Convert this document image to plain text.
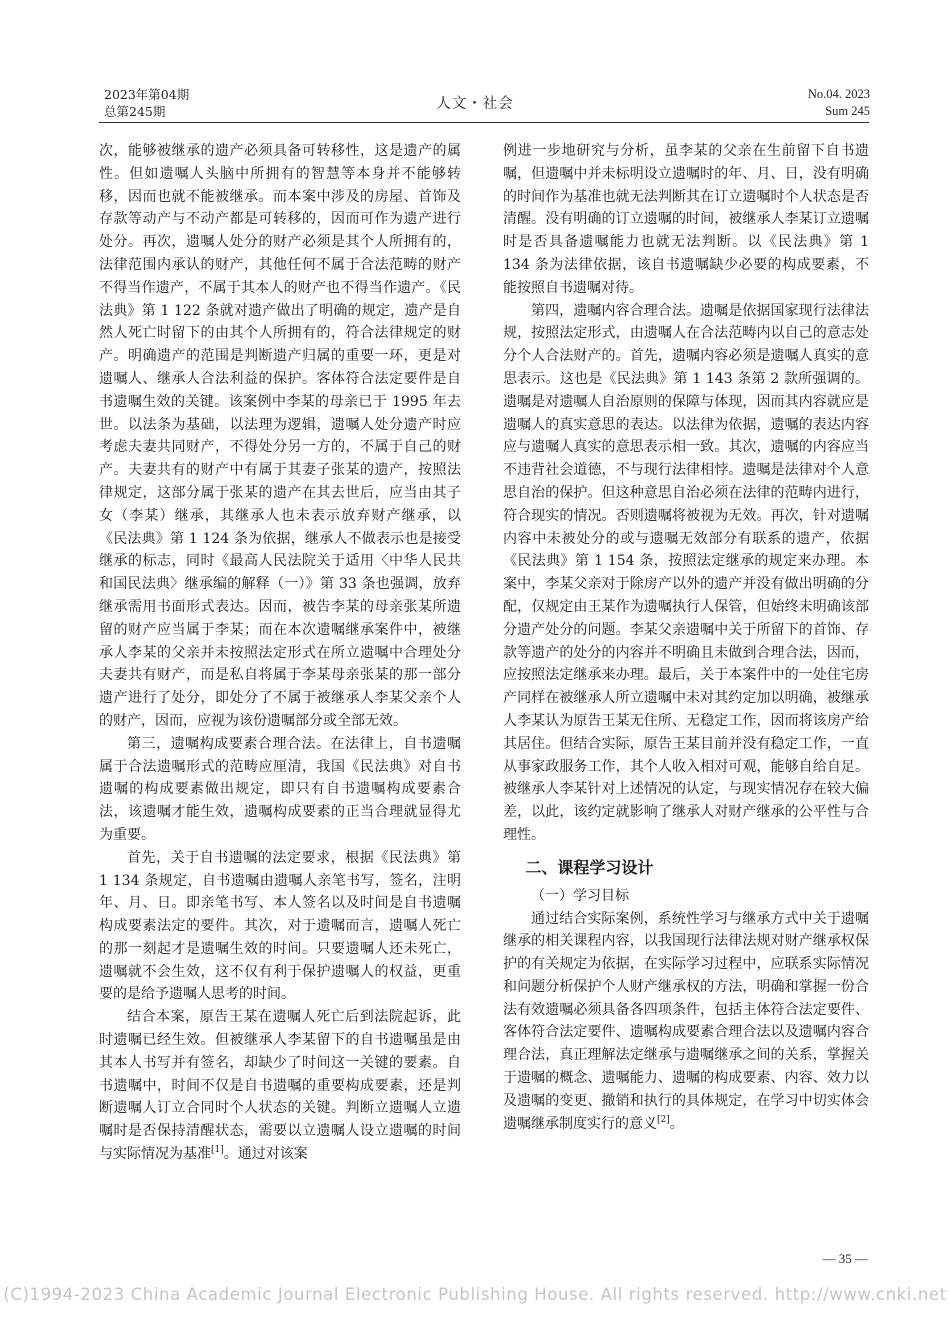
2023年第04期
总第245期	人文・社会
No.04. 2023
Sum 245

次，能够被继承的遗产必须具备可转移性，这是遗产的属性。但如遗嘱人头脑中所拥有的智慧等本身并不能够转移，因而也就不能被继承。而本案中涉及的房屋、首饰及存款等动产与不动产都是可转移的，因而可作为遗产进行处分。再次，遗嘱人处分的财产必须是其个人所拥有的，法律范围内承认的财产，其他任何不属于合法范畴的财产不得当作遗产，不属于其本人的财产也不得当作遗产。《民法典》第 1 122 条就对遗产做出了明确的规定，遗产是自然人死亡时留下的由其个人所拥有的，符合法律规定的财产。明确遗产的范围是判断遗产归属的重要一环，更是对遗嘱人、继承人合法利益的保护。客体符合法定要件是自书遗嘱生效的关键。该案例中李某的母亲已于 1995 年去世。以法条为基础，以法理为逻辑，遗嘱人处分遗产时应考虑夫妻共同财产，不得处分另一方的，不属于自己的财产。夫妻共有的财产中有属于其妻子张某的遗产，按照法律规定，这部分属于张某的遗产在其去世后，应当由其子女（李某）继承，其继承人也未表示放弃财产继承，以《民法典》第 1 124 条为依据，继承人不做表示也是接受继承的标志，同时《最高人民法院关于适用〈中华人民共和国民法典〉继承编的解释（一）》第 33 条也强调，放弃继承需用书面形式表达。因而，被告李某的母亲张某所遗留的财产应当属于李某；而在本次遗嘱继承案件中，被继承人李某的父亲并未按照法定形式在所立遗嘱中合理处分夫妻共有财产，而是私自将属于李某母亲张某的那一部分遗产进行了处分，即处分了不属于被继承人李某父亲个人的财产，因而，应视为该份遗嘱部分或全部无效。

第三，遗嘱构成要素合理合法。在法律上，自书遗嘱属于合法遗嘱形式的范畴应厘清，我国《民法典》对自书遗嘱的构成要素做出规定，即只有自书遗嘱构成要素合法，该遗嘱才能生效，遗嘱构成要素的正当合理就显得尤为重要。

首先，关于自书遗嘱的法定要求，根据《民法典》第 1 134 条规定，自书遗嘱由遗嘱人亲笔书写，签名，注明年、月、日。即亲笔书写、本人签名以及时间是自书遗嘱构成要素法定的要件。其次，对于遗嘱而言，遗嘱人死亡的那一刻起才是遗嘱生效的时间。只要遗嘱人还未死亡，遗嘱就不会生效，这不仅有利于保护遗嘱人的权益，更重要的是给予遗嘱人思考的时间。

结合本案，原告王某在遗嘱人死亡后到法院起诉，此时遗嘱已经生效。但被继承人李某留下的自书遗嘱虽是由其本人书写并有签名，却缺少了时间这一关键的要素。自书遗嘱中，时间不仅是自书遗嘱的重要构成要素，还是判断遗嘱人订立合同时个人状态的关键。判断立遗嘱人立遗嘱时是否保持清醒状态，需要以立遗嘱人设立遗嘱的时间与实际情况为基准[1]。通过对该案

例进一步地研究与分析，虽李某的父亲在生前留下自书遗嘱，但遗嘱中并未标明设立遗嘱时的年、月、日，没有明确的时间作为基准也就无法判断其在订立遗嘱时个人状态是否清醒。没有明确的订立遗嘱的时间，被继承人李某订立遗嘱时是否具备遗嘱能力也就无法判断。以《民法典》第 1 134 条为法律依据，该自书遗嘱缺少必要的构成要素，不能按照自书遗嘱对待。

第四，遗嘱内容合理合法。遗嘱是依据国家现行法律法规，按照法定形式，由遗嘱人在合法范畴内以自己的意志处分个人合法财产的。首先，遗嘱内容必须是遗嘱人真实的意思表示。这也是《民法典》第 1 143 条第 2 款所强调的。遗嘱是对遗嘱人自治原则的保障与体现，因而其内容就应是遗嘱人的真实意思的表达。以法律为依据，遗嘱的表达内容应与遗嘱人真实的意思表示相一致。其次，遗嘱的内容应当不违背社会道德，不与现行法律相悖。遗嘱是法律对个人意思自治的保护。但这种意思自治必须在法律的范畴内进行，符合现实的情况。否则遗嘱将被视为无效。再次，针对遗嘱内容中未被处分的或与遗嘱无效部分有联系的遗产，依据《民法典》第 1 154 条，按照法定继承的规定来办理。本案中，李某父亲对于除房产以外的遗产并没有做出明确的分配，仅规定由王某作为遗嘱执行人保管，但始终未明确该部分遗产处分的问题。李某父亲遗嘱中关于所留下的首饰、存款等遗产的处分的内容并不明确且未做到合理合法，因而，应按照法定继承来办理。最后，关于本案件中的一处住宅房产同样在被继承人所立遗嘱中未对其约定加以明确，被继承人李某认为原告王某无住所、无稳定工作，因而将该房产给其居住。但结合实际，原告王某目前并没有稳定工作，一直从事家政服务工作，其个人收入相对可观，能够自给自足。被继承人李某针对上述情况的认定，与现实情况存在较大偏差，以此，该约定就影响了继承人对财产继承的公平性与合理性。

二、课程学习设计
（一）学习目标

通过结合实际案例，系统性学习与继承方式中关于遗嘱继承的相关课程内容，以我国现行法律法规对财产继承权保护的有关规定为依据，在实际学习过程中，应联系实际情况和问题分析保护个人财产继承权的方法，明确和掌握一份合法有效遗嘱必须具备各四项条件，包括主体符合法定要件、客体符合法定要件、遗嘱构成要素合理合法以及遗嘱内容合理合法，真正理解法定继承与遗嘱继承之间的关系，掌握关于遗嘱的概念、遗嘱能力、遗嘱的构成要素、内容、效力以及遗嘱的变更、撤销和执行的具体规定，在学习中切实体会遗嘱继承制度实行的意义[2]。

— 35 —
(C)1994-2023 China Academic Journal Electronic Publishing House. All rights reserved. http://www.cnki.net
